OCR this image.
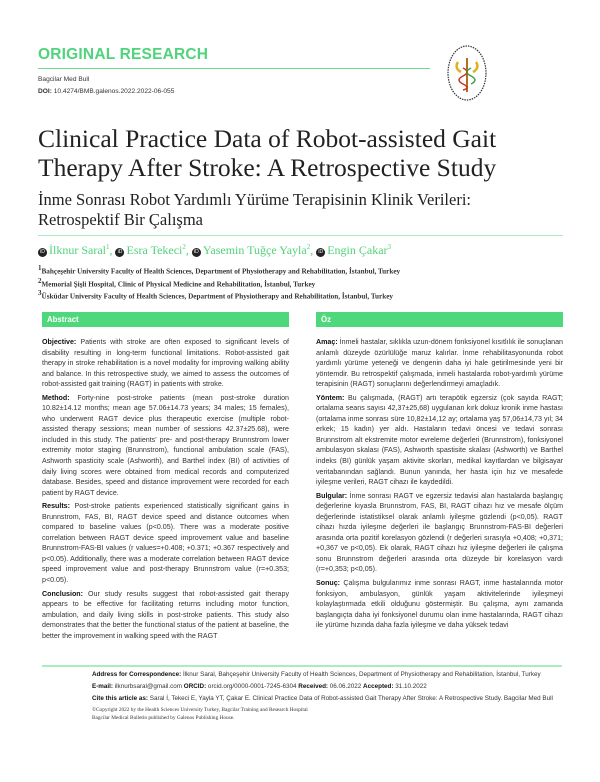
ORIGINAL RESEARCH
Bagcilar Med Bull
DOI: 10.4274/BMB.galenos.2022.2022-06-055
Clinical Practice Data of Robot-assisted Gait Therapy After Stroke: A Retrospective Study
İnme Sonrası Robot Yardımlı Yürüme Terapisinin Klinik Verileri: Retrospektif Bir Çalışma
iD İlknur Saral$^1$, iD Esra Tekeci$^2$, iD Yasemin Tuğçe Yayla$^2$, iD Engin Çakar$^3$
$^1$Bahçeşehir University Faculty of Health Sciences, Department of Physiotherapy and Rehabilitation, İstanbul, Turkey
$^2$Memorial Şişli Hospital, Clinic of Physical Medicine and Rehabilitation, İstanbul, Turkey
$^3$Üsküdar University Faculty of Health Sciences, Department of Physiotherapy and Rehabilitation, İstanbul, Turkey
Abstract	Öz

Objective: Patients with stroke are often exposed to significant levels of disability resulting in long-term functional limitations. Robot-assisted gait therapy in stroke rehabilitation is a novel modality for improving walking ability and balance. In this retrospective study, we aimed to assess the outcomes of robot-assisted gait training (RAGT) in patients with stroke.

Method: Forty-nine post-stroke patients (mean post-stroke duration 10.82±14.12 months; mean age 57.06±14.73 years; 34 males; 15 females), who underwent RAGT device plus therapeutic exercise (multiple robot-assisted therapy sessions; mean number of sessions 42.37±25.68), were included in this study. The patients' pre- and post-therapy Brunnstrom lower extremity motor staging (Brunnstrom), functional ambulation scale (FAS), Ashworth spasticity scale (Ashworth), and Barthel index (BI) of activities of daily living scores were obtained from medical records and computerized database. Besides, speed and distance improvement were recorded for each patient by RAGT device.

Results: Post-stroke patients experienced statistically significant gains in Brunnstrom, FAS, BI, RAGT device speed and distance outcomes when compared to baseline values (p<0.05). There was a moderate positive correlation between RAGT device speed improvement value and baseline Brunnstrom-FAS-BI values (r values=+0.408; +0.371; +0.367 respectively and p<0.05). Additionally, there was a moderate correlation between RAGT device speed improvement value and post-therapy Brunnstrom value (r=+0.353; p<0.05).

Conclusion: Our study results suggest that robot-assisted gait therapy appears to be effective for facilitating returns including motor function, ambulation, and daily living skills in post-stroke patients. This study also demonstrates that the better the functional status of the patient at baseline, the better the improvement in walking speed with the RAGT

Amaç: İnmeli hastalar, sıklıkla uzun-dönem fonksiyonel kısıtlılık ile sonuçlanan anlamlı düzeyde özürlülüğe maruz kalırlar. İnme rehabilitasyonunda robot yardımlı yürüme yeteneği ve dengenin daha iyi hale getirilmesinde yeni bir yöntemdir. Bu retrospektif çalışmada, inmeli hastalarda robot-yardımlı yürüme terapisinin (RAGT) sonuçlarını değerlendirmeyi amaçladık.

Yöntem: Bu çalışmada, (RAGT) artı terapötik egzersiz (çok sayıda RAGT; ortalama seans sayısı 42,37±25,68) uygulanan kırk dokuz kronik inme hastası (ortalama inme sonrası süre 10,82±14,12 ay; ortalama yaş 57,06±14,73 yıl; 34 erkek; 15 kadın) yer aldı. Hastaların tedavi öncesi ve tedavi sonrası Brunnstrom alt ekstremite motor evreleme değerleri (Brunnstrom), fonksiyonel ambulasyon skalası (FAS), Ashworth spastisite skalası (Ashworth) ve Barthel indeks (BI) günlük yaşam aktivite skorları, medikal kayıtlardan ve bilgisayar veritabanından sağlandı. Bunun yanında, her hasta için hız ve mesafede iyileşme verileri, RAGT cihazı ile kaydedildi.

Bulgular: İnme sonrası RAGT ve egzersiz tedavisi alan hastalarda başlangıç değerlerine kıyasla Brunnstrom, FAS, BI, RAGT cihazı hız ve mesafe ölçüm değerlerinde istatistiksel olarak anlamlı iyileşme gözlendi (p<0,05). RAGT cihazı hızda iyileşme değerleri ile başlangıç Brunnstrom-FAS-BI değerleri arasında orta pozitif korelasyon gözlendi (r değerleri sırasıyla +0,408; +0,371; +0,367 ve p<0,05). Ek olarak, RAGT cihazı hız iyileşme değerleri ile çalışma sonu Brunnstrom değerleri arasında orta düzeyde bir korelasyon vardı (r=+0,353; p<0,05).

Sonuç: Çalışma bulgularımız inme sonrası RAGT, inme hastalarında motor fonksiyon, ambulasyon, günlük yaşam aktivitelerinde iyileşmeyi kolaylaştırmada etkili olduğunu göstermiştir. Bu çalışma, aynı zamanda başlangıçta daha iyi fonksiyonel durumu olan inme hastalarında, RAGT cihazı ile yürüme hızında daha fazla iyileşme ve daha yüksek tedavi

Address for Correspondence: İlknur Saral, Bahçeşehir University Faculty of Health Sciences, Department of Physiotherapy and Rehabilitation, İstanbul, Turkey

E-mail: ilknurbsaral@gmail.com ORCID: orcid.org/0000-0001-7245-6304 Received: 06.06.2022 Accepted: 31.10.2022

Cite this article as: Saral İ, Tekeci E, Yayla YT, Çakar E. Clinical Practice Data of Robot-assisted Gait Therapy After Stroke: A Retrospective Study. Bagcilar Med Bull

©Copyright 2022 by the Health Sciences University Turkey, Bagcilar Training and Research Hospital
Bagcilar Medical Bulletin published by Galenos Publishing House.
